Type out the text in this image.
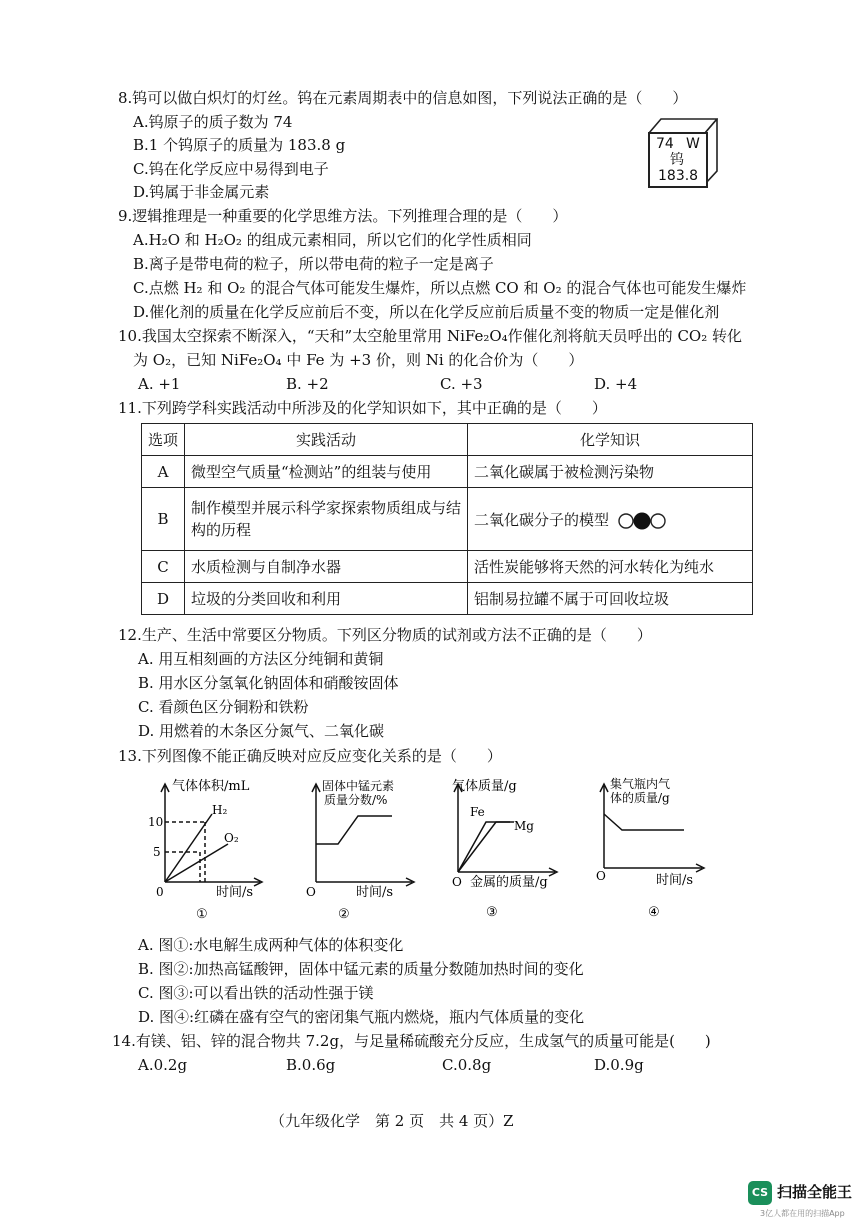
8.钨可以做白炽灯的灯丝。钨在元素周期表中的信息如图，下列说法正确的是（　　）
A.钨原子的质子数为 74
B.1 个钨原子的质量为 183.8 g
C.钨在化学反应中易得到电子
D.钨属于非金属元素
74 W
钨
183.8
9.逻辑推理是一种重要的化学思维方法。下列推理合理的是（　　）
A.H₂O 和 H₂O₂ 的组成元素相同，所以它们的化学性质相同
B.离子是带电荷的粒子，所以带电荷的粒子一定是离子
C.点燃 H₂ 和 O₂ 的混合气体可能发生爆炸，所以点燃 CO 和 O₂ 的混合气体也可能发生爆炸
D.催化剂的质量在化学反应前后不变，所以在化学反应前后质量不变的物质一定是催化剂
10.我国太空探索不断深入，“天和”太空舱里常用 NiFe₂O₄作催化剂将航天员呼出的 CO₂ 转化
为 O₂，已知 NiFe₂O₄ 中 Fe 为 +3 价，则 Ni 的化合价为（　　）
A. +1	B. +2	C. +3	D. +4
11.下列跨学科实践活动中所涉及的化学知识如下，其中正确的是（　　）
选项	实践活动	化学知识
A	微型空气质量“检测站”的组装与使用	二氧化碳属于被检测污染物
B	制作模型并展示科学家探索物质组成与结构的历程	二氧化碳分子的模型
C	水质检测与自制净水器	活性炭能够将天然的河水转化为纯水
D	垃圾的分类回收和利用	铝制易拉罐不属于可回收垃圾
12.生产、生活中常要区分物质。下列区分物质的试剂或方法不正确的是（　　）
A. 用互相刻画的方法区分纯铜和黄铜
B. 用水区分氢氧化钠固体和硝酸铵固体
C. 看颜色区分铜粉和铁粉
D. 用燃着的木条区分氮气、二氧化碳
13.下列图像不能正确反映对应反应变化关系的是（　　）
气体体积/mL
10
5
0	时间/s
H₂
O₂
①
固体中锰元素
质量分数/%
O	时间/s
②
气体质量/g
Fe
Mg
O 金属的质量/g
③
集气瓶内气
体的质量/g
O	时间/s
④
A. 图①:水电解生成两种气体的体积变化
B. 图②:加热高锰酸钾，固体中锰元素的质量分数随加热时间的变化
C. 图③:可以看出铁的活动性强于镁
D. 图④:红磷在盛有空气的密闭集气瓶内燃烧，瓶内气体质量的变化
14.有镁、铝、锌的混合物共 7.2g，与足量稀硫酸充分反应，生成氢气的质量可能是(　　)
A.0.2g	B.0.6g	C.0.8g	D.0.9g
（九年级化学　第 2 页　共 4 页）Z
CS 扫描全能王
3亿人都在用的扫描App
